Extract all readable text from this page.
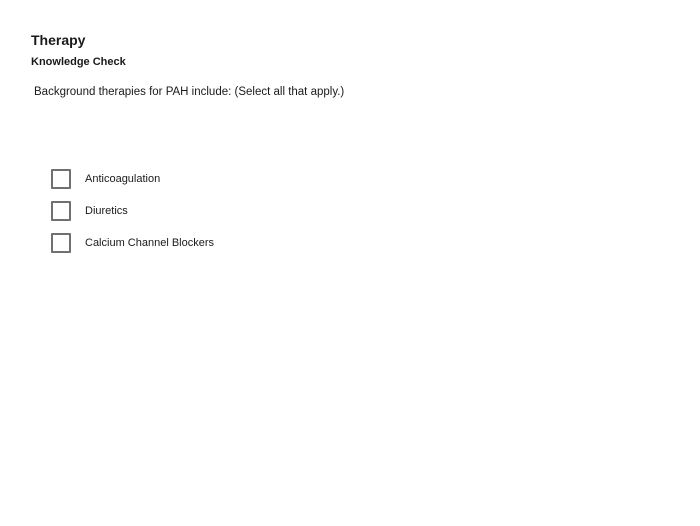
Therapy
Knowledge Check

Background therapies for PAH include: (Select all that apply.)

Anticoagulation
Diuretics
Calcium Channel Blockers
